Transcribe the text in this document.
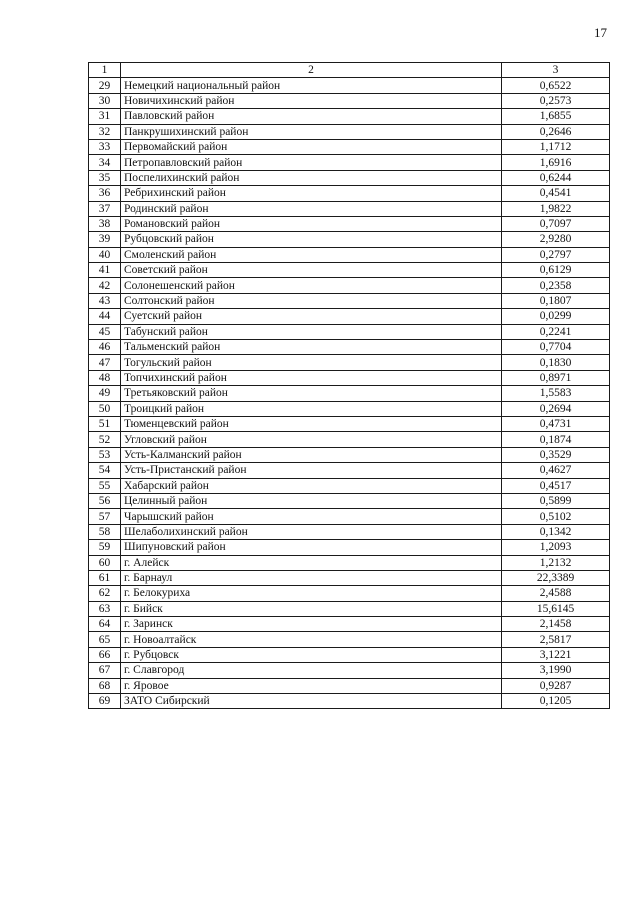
17
1	2	3
29	Немецкий национальный район	0,6522
30	Новичихинский район	0,2573
31	Павловский район	1,6855
32	Панкрушихинский район	0,2646
33	Первомайский район	1,1712
34	Петропавловский район	1,6916
35	Поспелихинский район	0,6244
36	Ребрихинский район	0,4541
37	Родинский район	1,9822
38	Романовский район	0,7097
39	Рубцовский район	2,9280
40	Смоленский район	0,2797
41	Советский район	0,6129
42	Солонешенский район	0,2358
43	Солтонский район	0,1807
44	Суетский район	0,0299
45	Табунский район	0,2241
46	Тальменский район	0,7704
47	Тогульский район	0,1830
48	Топчихинский район	0,8971
49	Третьяковский район	1,5583
50	Троицкий район	0,2694
51	Тюменцевский район	0,4731
52	Угловский район	0,1874
53	Усть-Калманский район	0,3529
54	Усть-Пристанский район	0,4627
55	Хабарский район	0,4517
56	Целинный район	0,5899
57	Чарышский район	0,5102
58	Шелаболихинский район	0,1342
59	Шипуновский район	1,2093
60	г. Алейск	1,2132
61	г. Барнаул	22,3389
62	г. Белокуриха	2,4588
63	г. Бийск	15,6145
64	г. Заринск	2,1458
65	г. Новоалтайск	2,5817
66	г. Рубцовск	3,1221
67	г. Славгород	3,1990
68	г. Яровое	0,9287
69	ЗАТО Сибирский	0,1205
